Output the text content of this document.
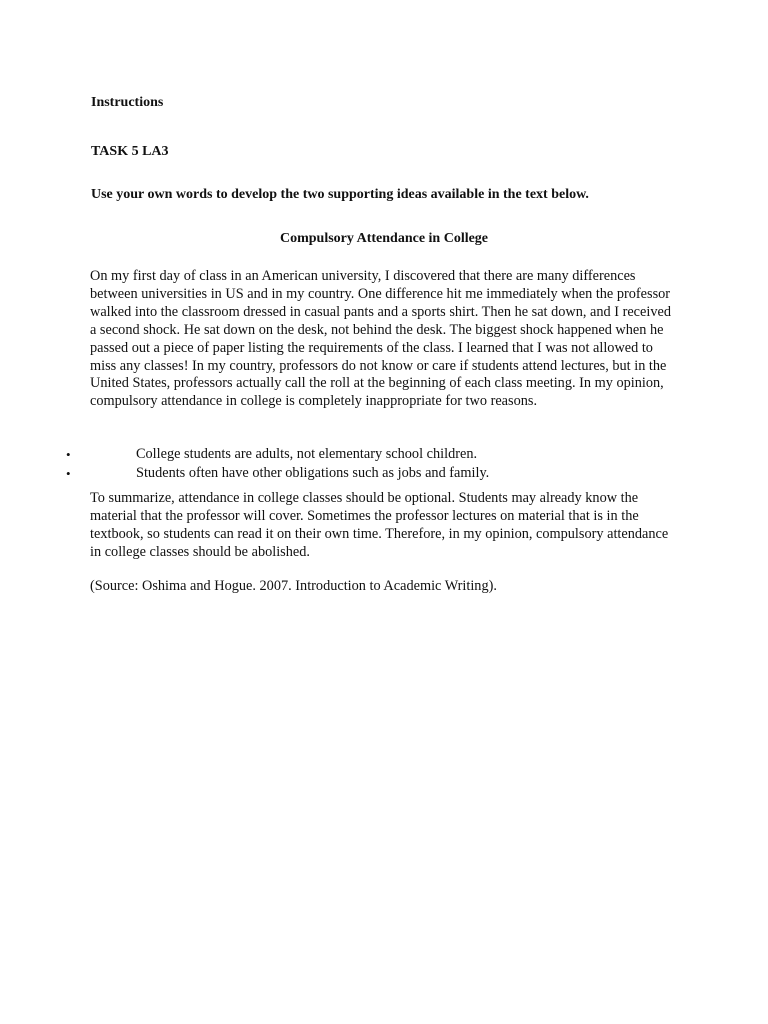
Instructions
TASK 5 LA3
Use your own words to develop the two supporting ideas available in the text below.
Compulsory Attendance in College

On my first day of class in an American university, I discovered that there are many differences between universities in US and in my country. One difference hit me immediately when the professor walked into the classroom dressed in casual pants and a sports shirt. Then he sat down, and I received a second shock. He sat down on the desk, not behind the desk. The biggest shock happened when he passed out a piece of paper listing the requirements of the class. I learned that I was not allowed to miss any classes! In my country, professors do not know or care if students attend lectures, but in the United States, professors actually call the roll at the beginning of each class meeting. In my opinion, compulsory attendance in college is completely inappropriate for two reasons.

•	College students are adults, not elementary school children.
•	Students often have other obligations such as jobs and family.

To summarize, attendance in college classes should be optional. Students may already know the material that the professor will cover. Sometimes the professor lectures on material that is in the textbook, so students can read it on their own time. Therefore, in my opinion, compulsory attendance in college classes should be abolished.

(Source: Oshima and Hogue. 2007. Introduction to Academic Writing).
